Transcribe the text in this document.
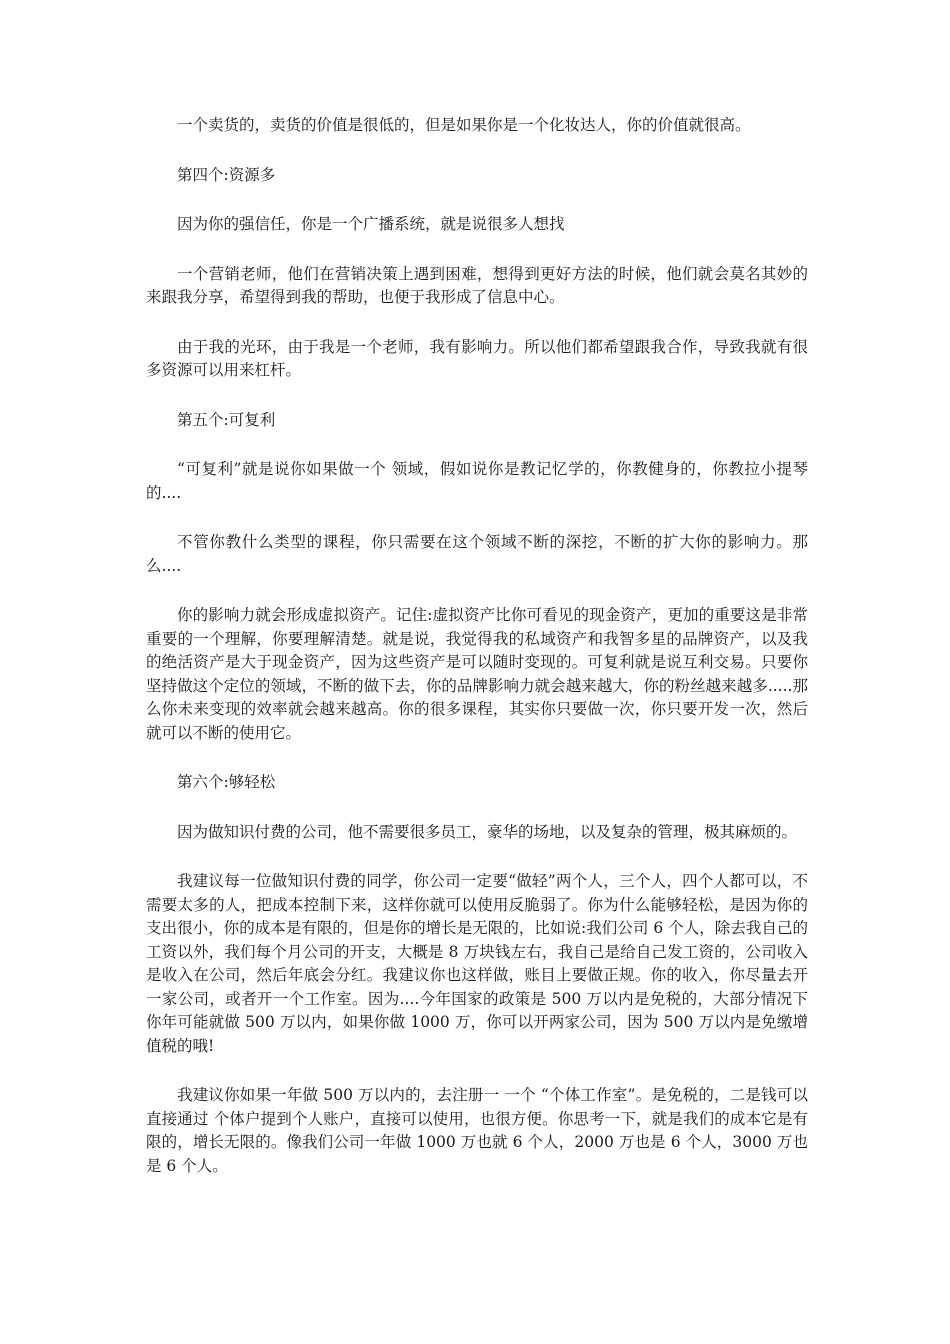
一个卖货的，卖货的价值是很低的，但是如果你是一个化妆达人，你的价值就很高。

第四个:资源多

因为你的强信任，你是一个广播系统，就是说很多人想找

一个营销老师，他们在营销决策上遇到困难，想得到更好方法的时候，他们就会莫名其妙的来跟我分享，希望得到我的帮助，也便于我形成了信息中心。

由于我的光环，由于我是一个老师，我有影响力。所以他们都希望跟我合作，导致我就有很多资源可以用来杠杆。

第五个:可复利

“可复利”就是说你如果做一个 领域，假如说你是教记忆学的，你教健身的，你教拉小提琴的....

不管你教什么类型的课程，你只需要在这个领域不断的深挖，不断的扩大你的影响力。那么....

你的影响力就会形成虚拟资产。记住:虚拟资产比你可看见的现金资产，更加的重要这是非常重要的一个理解，你要理解清楚。就是说，我觉得我的私域资产和我智多星的品牌资产，以及我的绝活资产是大于现金资产，因为这些资产是可以随时变现的。可复利就是说互利交易。只要你坚持做这个定位的领域，不断的做下去，你的品牌影响力就会越来越大，你的粉丝越来越多.....那么你未来变现的效率就会越来越高。你的很多课程，其实你只要做一次，你只要开发一次，然后就可以不断的使用它。

第六个:够轻松

因为做知识付费的公司，他不需要很多员工，豪华的场地，以及复杂的管理，极其麻烦的。

我建议每一位做知识付费的同学，你公司一定要“做轻”两个人，三个人，四个人都可以，不需要太多的人，把成本控制下来，这样你就可以使用反脆弱了。你为什么能够轻松，是因为你的支出很小，你的成本是有限的，但是你的增长是无限的，比如说:我们公司 6 个人，除去我自己的工资以外，我们每个月公司的开支，大概是 8 万块钱左右，我自己是给自己发工资的，公司收入是收入在公司，然后年底会分红。我建议你也这样做，账目上要做正规。你的收入，你尽量去开一家公司，或者开一个工作室。因为....今年国家的政策是 500 万以内是免税的，大部分情况下你年可能就做 500 万以内，如果你做 1000 万，你可以开两家公司，因为 500 万以内是免缴增值税的哦!

我建议你如果一年做 500 万以内的，去注册一 一个 “个体工作室”。是免税的，二是钱可以直接通过 个体户提到个人账户，直接可以使用，也很方便。你思考一下，就是我们的成本它是有限的，增长无限的。像我们公司一年做 1000 万也就 6 个人，2000 万也是 6 个人，3000 万也是 6 个人。
